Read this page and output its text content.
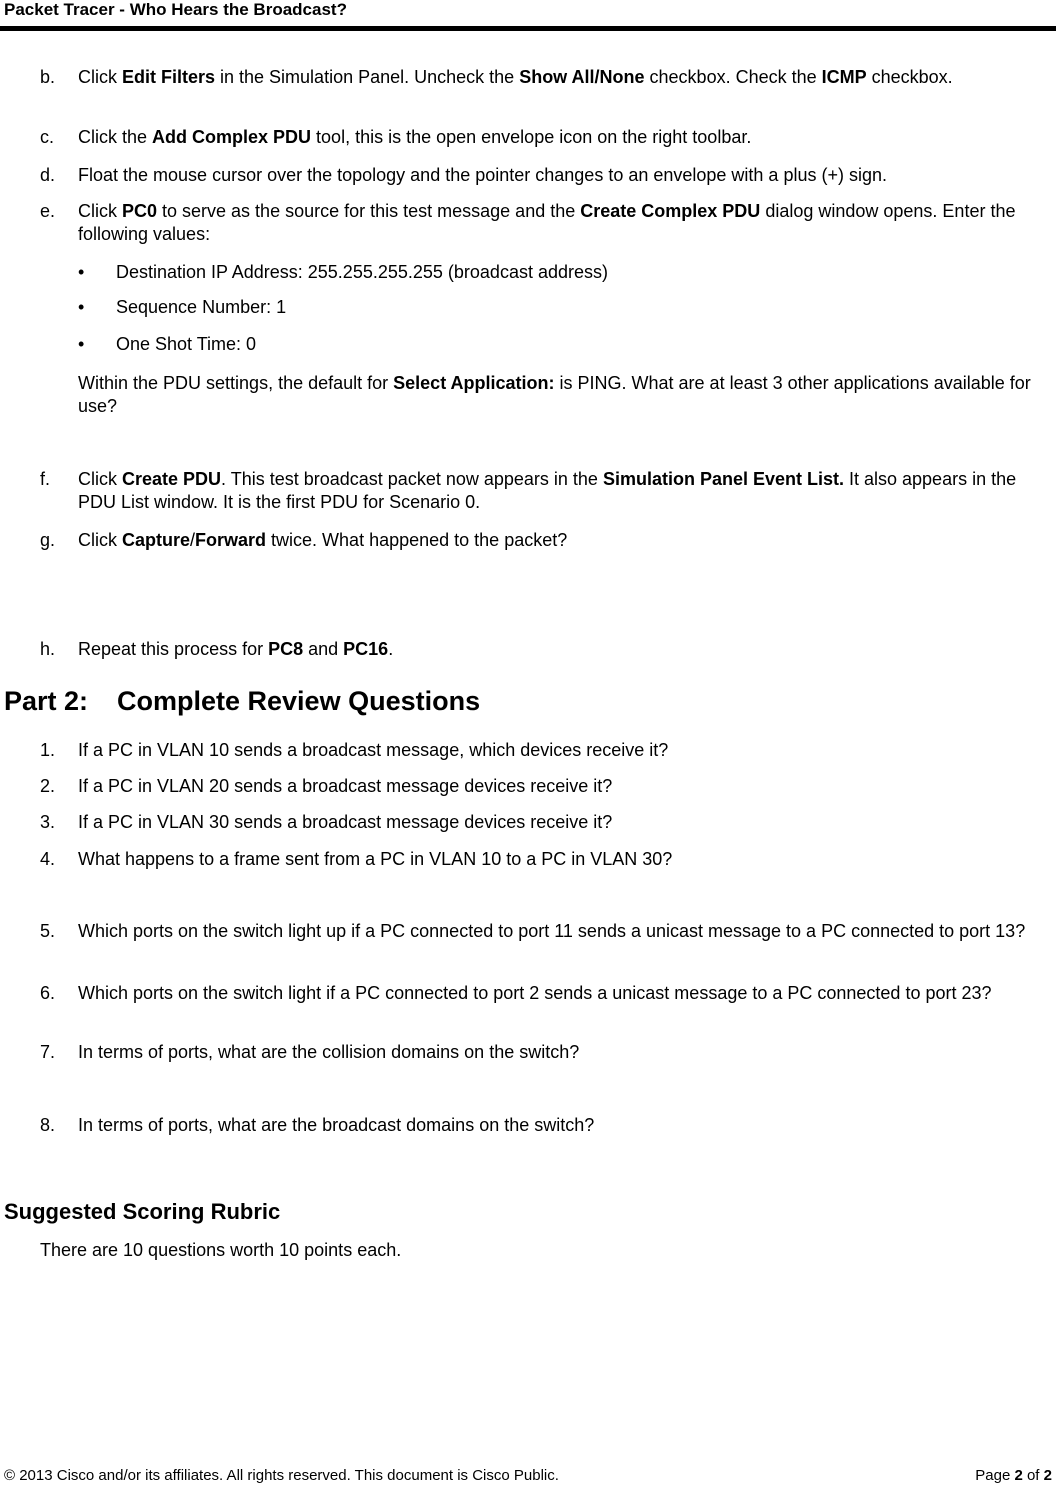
Packet Tracer - Who Hears the Broadcast?
b. Click Edit Filters in the Simulation Panel. Uncheck the Show All/None checkbox. Check the ICMP checkbox.
c. Click the Add Complex PDU tool, this is the open envelope icon on the right toolbar.
d. Float the mouse cursor over the topology and the pointer changes to an envelope with a plus (+) sign.
e. Click PC0 to serve as the source for this test message and the Create Complex PDU dialog window opens. Enter the following values:
• Destination IP Address: 255.255.255.255 (broadcast address)
• Sequence Number: 1
• One Shot Time: 0
Within the PDU settings, the default for Select Application: is PING. What are at least 3 other applications available for use?
f. Click Create PDU. This test broadcast packet now appears in the Simulation Panel Event List. It also appears in the PDU List window. It is the first PDU for Scenario 0.
g. Click Capture/Forward twice. What happened to the packet?
h. Repeat this process for PC8 and PC16.
Part 2: Complete Review Questions
1. If a PC in VLAN 10 sends a broadcast message, which devices receive it?
2. If a PC in VLAN 20 sends a broadcast message devices receive it?
3. If a PC in VLAN 30 sends a broadcast message devices receive it?
4. What happens to a frame sent from a PC in VLAN 10 to a PC in VLAN 30?
5. Which ports on the switch light up if a PC connected to port 11 sends a unicast message to a PC connected to port 13?
6. Which ports on the switch light if a PC connected to port 2 sends a unicast message to a PC connected to port 23?
7. In terms of ports, what are the collision domains on the switch?
8. In terms of ports, what are the broadcast domains on the switch?
Suggested Scoring Rubric
There are 10 questions worth 10 points each.
© 2013 Cisco and/or its affiliates. All rights reserved. This document is Cisco Public.	Page 2 of 2
